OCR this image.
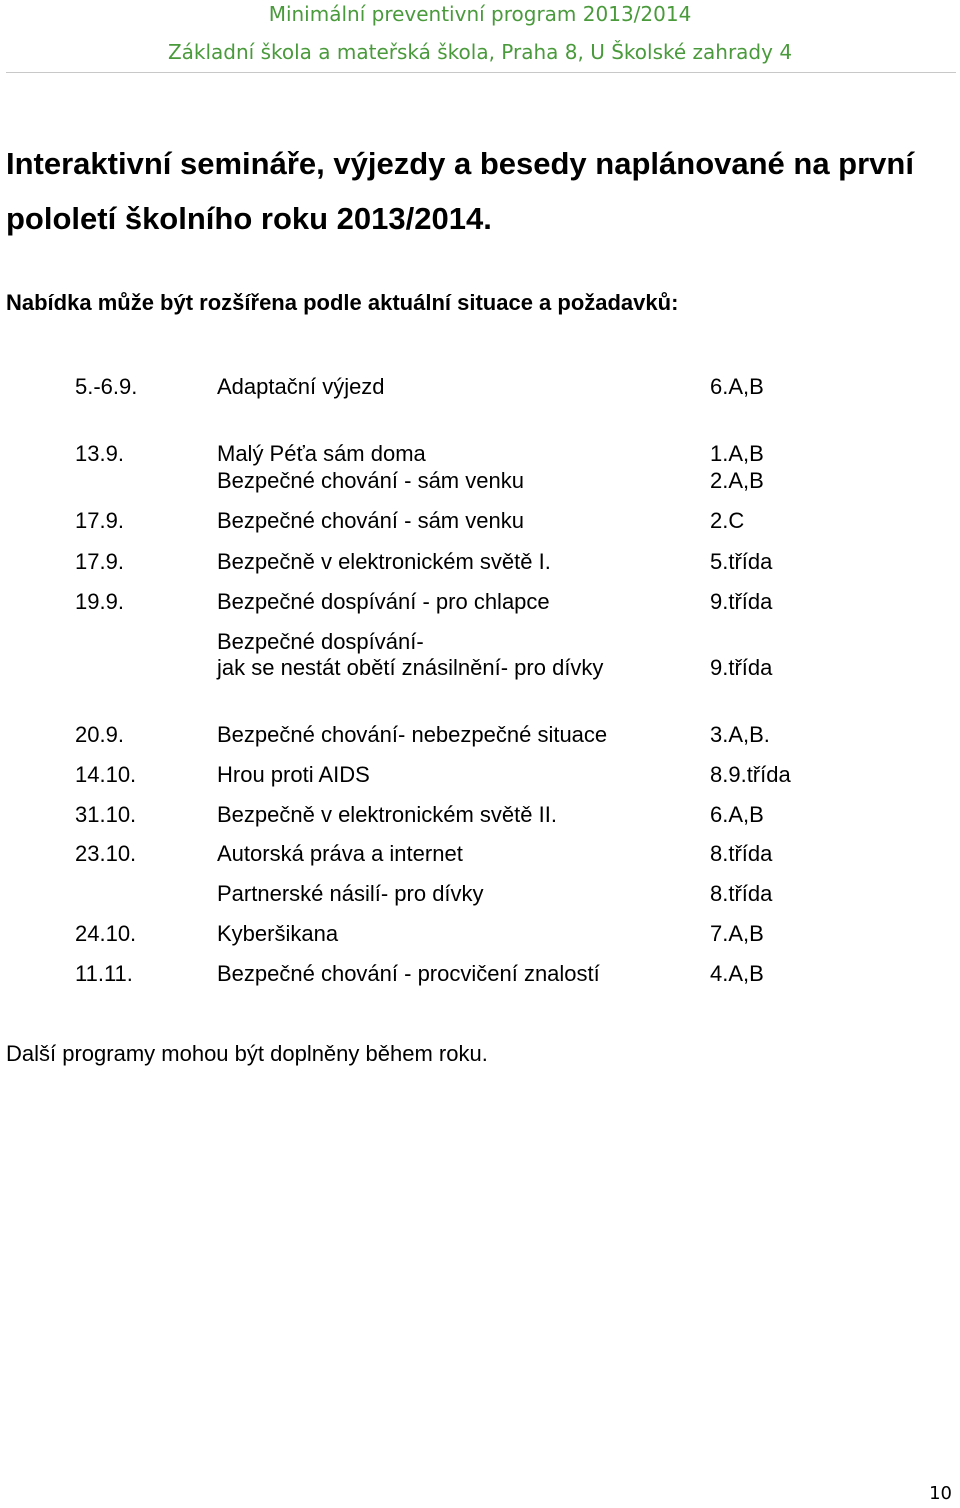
Minimální preventivní program 2013/2014
Základní škola a mateřská škola, Praha 8, U Školské zahrady 4
Interaktivní semináře, výjezdy a besedy naplánované na první
pololetí školního roku 2013/2014.
Nabídka může být rozšířena podle aktuální situace a požadavků:
5.-6.9.	Adaptační výjezd	6.A,B
13.9.	Malý Péťa sám doma	1.A,B
Bezpečné chování - sám venku	2.A,B
17.9.	Bezpečné chování - sám venku	2.C
17.9.	Bezpečně v elektronickém světě I.	5.třída
19.9.	Bezpečné dospívání - pro chlapce	9.třída
Bezpečné dospívání-
jak se nestát obětí znásilnění- pro dívky	9.třída
20.9.	Bezpečné chování- nebezpečné situace	3.A,B.
14.10.	Hrou proti AIDS	8.9.třída
31.10.	Bezpečně v elektronickém světě II.	6.A,B
23.10.	Autorská práva a internet	8.třída
Partnerské násilí- pro dívky	8.třída
24.10.	Kyberšikana	7.A,B
11.11.	Bezpečné chování - procvičení znalostí	4.A,B
Další programy mohou být doplněny během roku.
10
